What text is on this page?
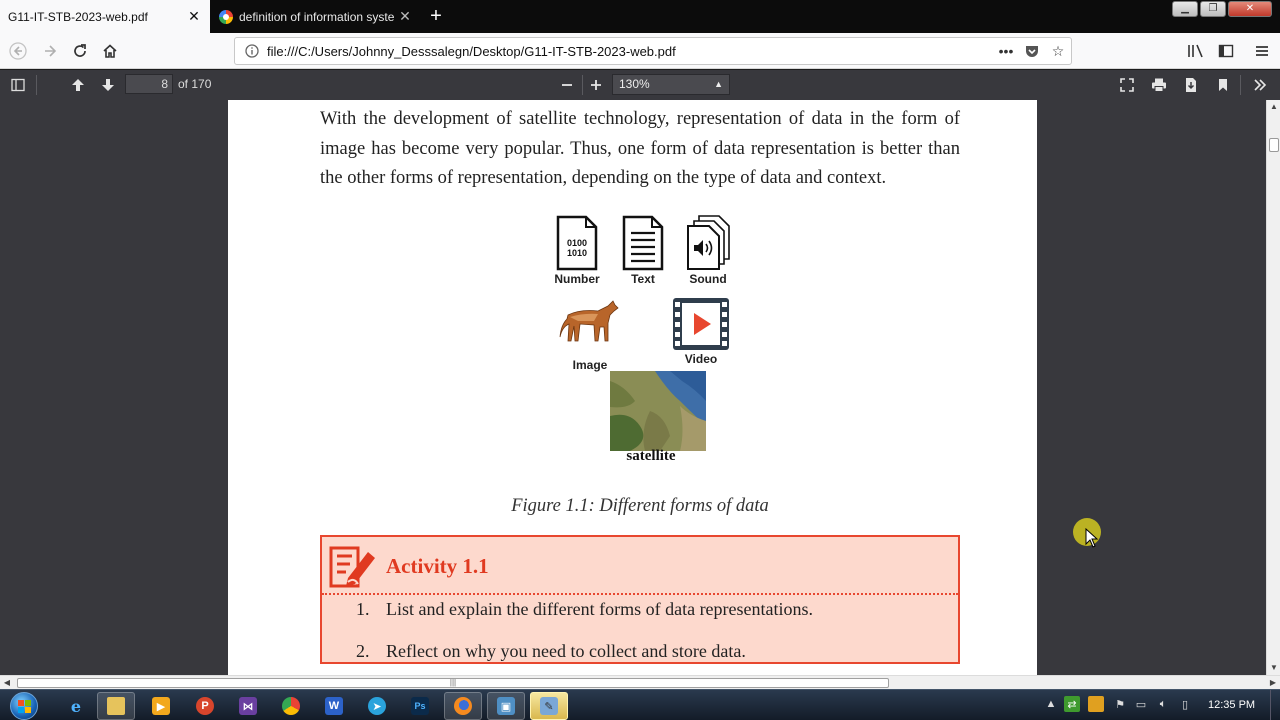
G11-IT-STB-2023-web.pdf	✕	definition of information syste ✕ +	▁	❐	✕
file:///C:/Users/Johnny_Desssalegn/Desktop/G11-IT-STB-2023-web.pdf	•••	☆
8 of 170	130%	▲

With the development of satellite technology, representation of data in the form of image has become very popular. Thus, one form of data representation is better than the other forms of representation, depending on the type of data and context.

0100
1010
Number	Text	Sound
Image	Video
satellite
Figure 1.1: Different forms of data
Activity 1.1
1. List and explain the different forms of data representations.
2. Reflect on why you need to collect and store data.
▲
▼
◀	|||	▶
e	▶	P	⋈	W	➤	Ps	▣	✎	▲ ⇄	⚑ ▭	🔈︎	▯	12:35 PM
